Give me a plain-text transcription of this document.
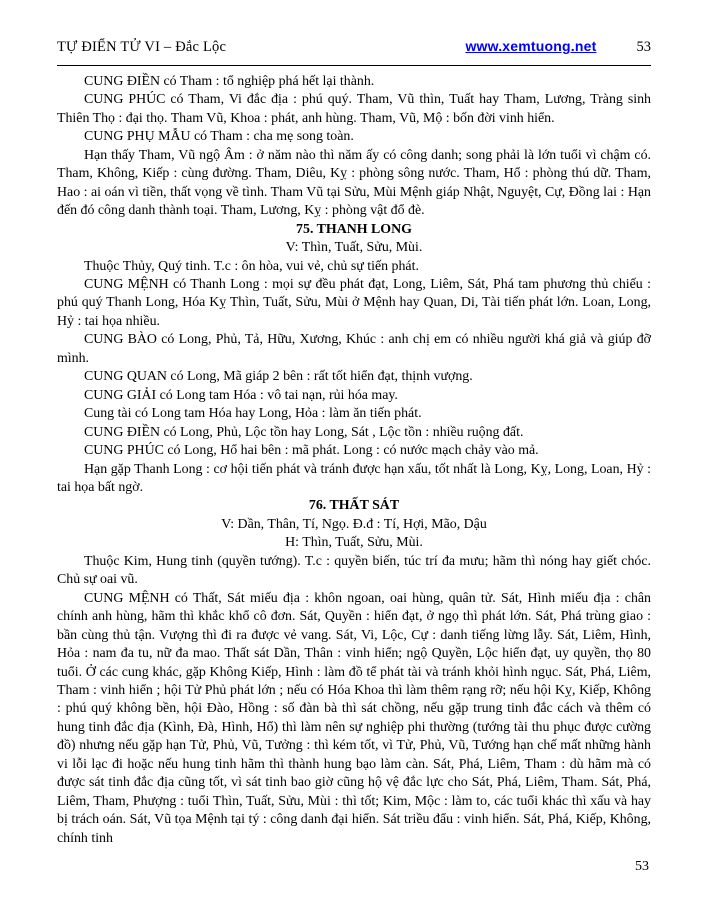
TỰ ĐIỂN TỬ VI – Đắc Lộc	www.xemtuong.net	53

CUNG ĐIỀN có Tham : tổ nghiệp phá hết lại thành.

CUNG PHÚC có Tham, Vi đắc địa : phú quý. Tham, Vũ thìn, Tuất hay Tham, Lương, Tràng sinh Thiên Thọ : đại thọ. Tham Vũ, Khoa : phát, anh hùng. Tham, Vũ, Mộ : bốn đời vinh hiển.

CUNG PHỤ MẪU có Tham : cha mẹ song toàn.

Hạn thấy Tham, Vũ ngộ Âm : ở năm nào thì năm ấy có công danh; song phải là lớn tuổi vì chậm có. Tham, Không, Kiếp : cùng đường. Tham, Diêu, Kỵ : phòng sông nước. Tham, Hổ : phòng thú dữ. Tham, Hao : ai oán vì tiền, thất vọng về tình. Tham Vũ tại Sửu, Mùi Mệnh giáp Nhật, Nguyệt, Cự, Đồng lai : Hạn đến đó công danh thành toại. Tham, Lương, Kỵ : phòng vật đổ đè.

75. THANH LONG

V: Thìn, Tuất, Sửu, Mùi.

Thuộc Thủy, Quý tinh. T.c : ôn hòa, vui vẻ, chủ sự tiến phát.

CUNG MỆNH có Thanh Long : mọi sự đều phát đạt, Long, Liêm, Sát, Phá tam phương thủ chiếu : phú quý Thanh Long, Hóa Kỵ Thìn, Tuất, Sửu, Mùi ở Mệnh hay Quan, Di, Tài tiến phát lớn. Loan, Long, Hỷ : tai họa nhiều.

CUNG BÀO có Long, Phủ, Tả, Hữu, Xương, Khúc : anh chị em có nhiều người khá giả và giúp đỡ mình.

CUNG QUAN có Long, Mã giáp 2 bên : rất tốt hiển đạt, thịnh vượng.

CUNG GIẢI có Long tam Hóa : vô tai nạn, rủi hóa may.

Cung tài có Long tam Hóa hay Long, Hỏa : làm ăn tiến phát.

CUNG ĐIỀN có Long, Phủ, Lộc tồn hay Long, Sát , Lộc tồn : nhiều ruộng đất.

CUNG PHÚC có Long, Hổ hai bên : mã phát. Long : có nước mạch chảy vào mả.

Hạn gặp Thanh Long : cơ hội tiến phát và tránh được hạn xấu, tốt nhất là Long, Kỵ, Long, Loan, Hỷ : tai họa bất ngờ.

76. THẤT SÁT

V: Dần, Thân, Tí, Ngọ. Đ.đ : Tí, Hợi, Mão, Dậu

H: Thìn, Tuất, Sửu, Mùi.

Thuộc Kim, Hung tinh (quyền tướng). T.c : quyền biến, túc trí đa mưu; hãm thì nóng hay giết chóc. Chủ sự oai vũ.

CUNG MỆNH có Thất, Sát miếu địa : khôn ngoan, oai hùng, quân tử. Sát, Hình miếu địa : chân chính anh hùng, hãm thì khắc khổ cô đơn. Sát, Quyền : hiển đạt, ở ngọ thì phát lớn. Sát, Phá trùng giao : bần cùng thủ tận. Vượng thì đi ra được vẻ vang. Sát, Vi, Lộc, Cự : danh tiếng lừng lẫy. Sát, Liêm, Hình, Hỏa : nam đa tu, nữ đa mao. Thất sát Dần, Thân : vinh hiển; ngộ Quyền, Lộc hiển đạt, uy quyền, thọ 80 tuổi. Ở các cung khác, gặp Không Kiếp, Hình : làm đồ tể phát tài và tránh khỏi hình ngục. Sát, Phá, Liêm, Tham : vinh hiển ; hội Tử Phủ phát lớn ; nếu có Hóa Khoa thì làm thêm rạng rỡ; nếu hội Kỵ, Kiếp, Không : phú quý không bền, hội Đào, Hồng : số đàn bà thì sát chồng, nếu gặp trung tinh đắc cách và thêm có hung tinh đắc địa (Kình, Đà, Hình, Hổ) thì làm nên sự nghiệp phi thường (tướng tài thu phục được cường đồ) nhưng nếu gặp hạn Tử, Phủ, Vũ, Tưởng : thì kém tốt, vì Tử, Phủ, Vũ, Tướng hạn chế mất những hành vi lỗi lạc đi hoặc nếu hung tinh hãm thì thành hung bạo làm càn. Sát, Phá, Liêm, Tham : dù hãm mà có được sát tinh đắc địa cũng tốt, vì sát tinh bao giờ cũng hộ vệ đắc lực cho Sát, Phá, Liêm, Tham. Sát, Phá, Liêm, Tham, Phượng : tuổi Thìn, Tuất, Sửu, Mùi : thì tốt; Kim, Mộc : làm to, các tuổi khác thì xấu và hay bị trách oán. Sát, Vũ tọa Mệnh tại tý : công danh đại hiển. Sát triều đẩu : vinh hiển. Sát, Phá, Kiếp, Không, chính tinh

53
